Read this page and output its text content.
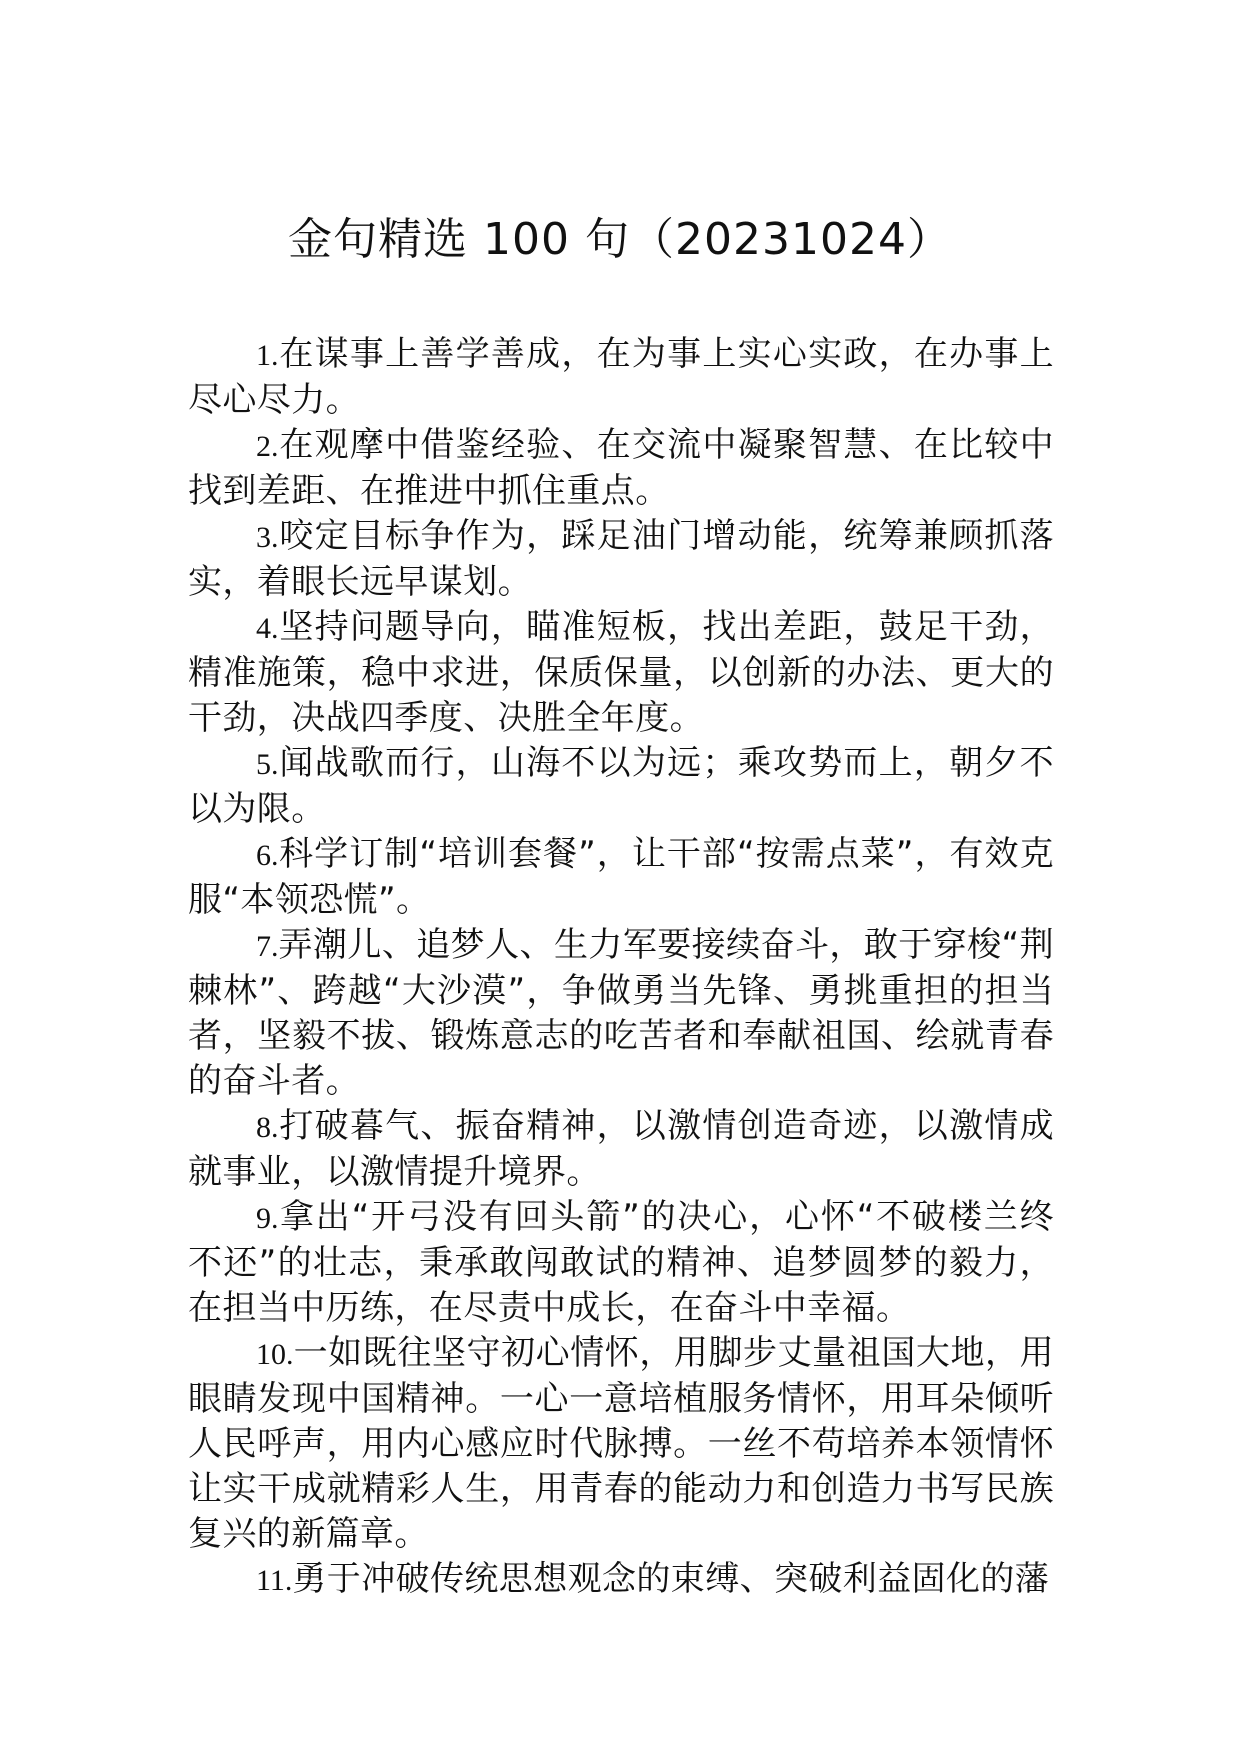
金句精选 100 句（20231024）

1.在谋事上善学善成，在为事上实心实政，在办事上尽心尽力。

2.在观摩中借鉴经验、在交流中凝聚智慧、在比较中找到差距、在推进中抓住重点。

3.咬定目标争作为，踩足油门增动能，统筹兼顾抓落实，着眼长远早谋划。

4.坚持问题导向，瞄准短板，找出差距，鼓足干劲，精准施策，稳中求进，保质保量，以创新的办法、更大的干劲，决战四季度、决胜全年度。

5.闻战歌而行，山海不以为远；乘攻势而上，朝夕不以为限。

6.科学订制“培训套餐”，让干部“按需点菜”，有效克服“本领恐慌”。

7.弄潮儿、追梦人、生力军要接续奋斗，敢于穿梭“荆棘林”、跨越“大沙漠”，争做勇当先锋、勇挑重担的担当者，坚毅不拔、锻炼意志的吃苦者和奉献祖国、绘就青春的奋斗者。

8.打破暮气、振奋精神，以激情创造奇迹，以激情成就事业，以激情提升境界。

9.拿出“开弓没有回头箭”的决心，心怀“不破楼兰终不还”的壮志，秉承敢闯敢试的精神、追梦圆梦的毅力，在担当中历练，在尽责中成长，在奋斗中幸福。

10.一如既往坚守初心情怀，用脚步丈量祖国大地，用眼睛发现中国精神。一心一意培植服务情怀，用耳朵倾听人民呼声，用内心感应时代脉搏。一丝不苟培养本领情怀让实干成就精彩人生，用青春的能动力和创造力书写民族复兴的新篇章。

11.勇于冲破传统思想观念的束缚、突破利益固化的藩
